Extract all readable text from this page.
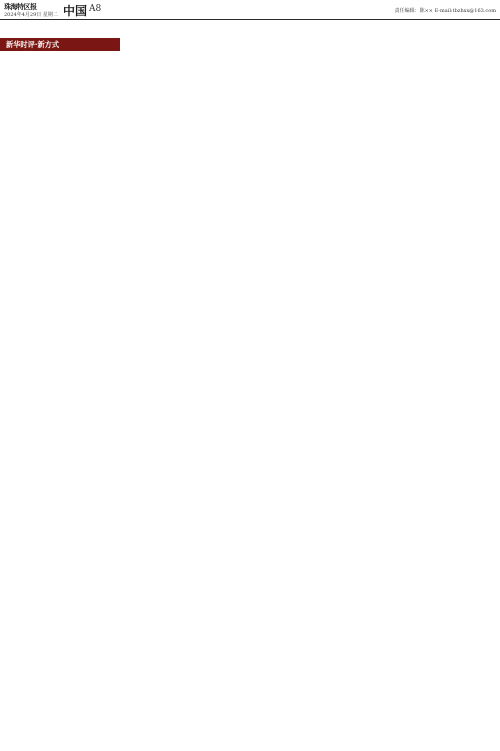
珠海特区报
2024年4月29日 星期二 中国 A8	责任编辑：陈×× E-mail:tbzhxx@163.com
新华时评·新方式
